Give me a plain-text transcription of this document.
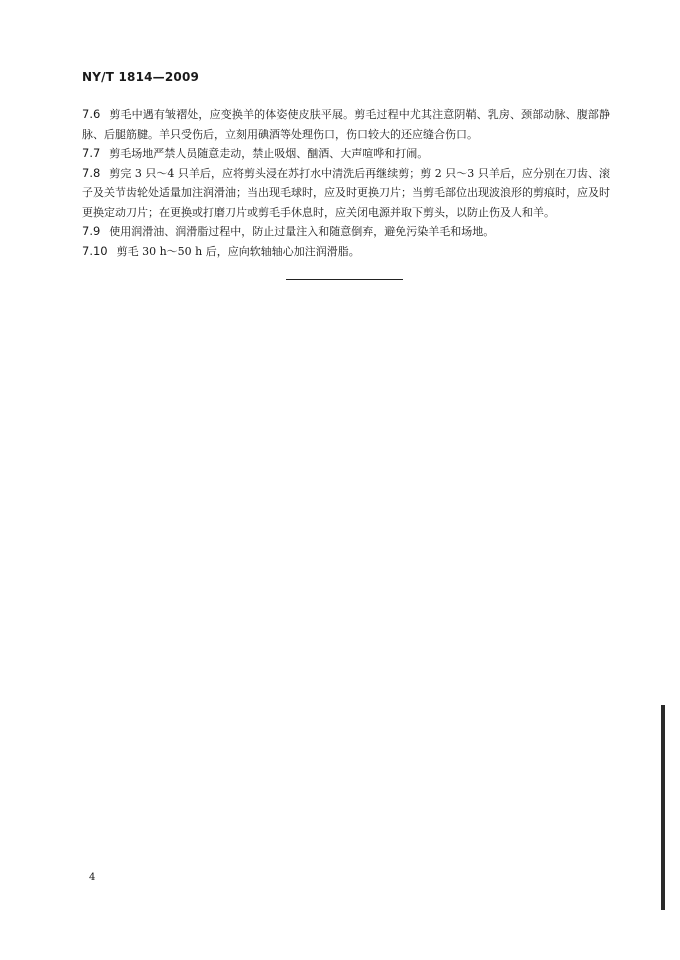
NY/T 1814—2009

7.6 剪毛中遇有皱褶处，应变换羊的体姿使皮肤平展。剪毛过程中尤其注意阴鞘、乳房、颈部动脉、腹部静脉、后腿筋腱。羊只受伤后，立刻用碘酒等处理伤口，伤口较大的还应缝合伤口。

7.7 剪毛场地严禁人员随意走动，禁止吸烟、酗酒、大声喧哗和打闹。

7.8 剪完 3 只～4 只羊后，应将剪头浸在苏打水中清洗后再继续剪；剪 2 只～3 只羊后，应分别在刀齿、滚子及关节齿轮处适量加注润滑油；当出现毛球时，应及时更换刀片；当剪毛部位出现波浪形的剪痕时，应及时更换定动刀片；在更换或打磨刀片或剪毛手休息时，应关闭电源并取下剪头，以防止伤及人和羊。

7.9 使用润滑油、润滑脂过程中，防止过量注入和随意倒弃，避免污染羊毛和场地。

7.10 剪毛 30 h～50 h 后，应向软轴轴心加注润滑脂。

4
